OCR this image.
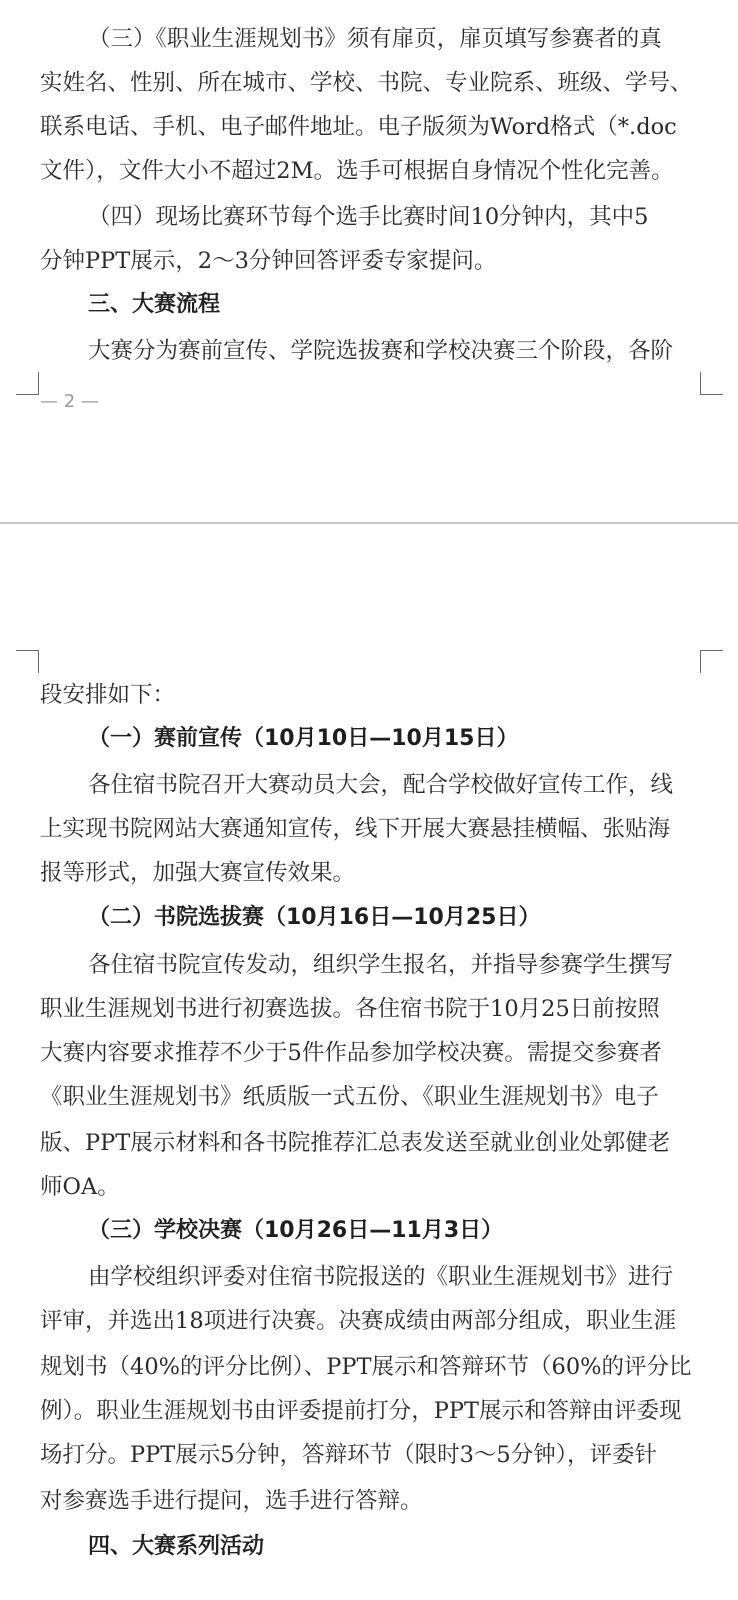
（三）《职业生涯规划书》须有扉页，扉页填写参赛者的真
实姓名、性别、所在城市、学校、书院、专业院系、班级、学号、
联系电话、手机、电子邮件地址。电子版须为Word格式（*.doc
文件），文件大小不超过2M。选手可根据自身情况个性化完善。
（四）现场比赛环节每个选手比赛时间10分钟内，其中5
分钟PPT展示，2～3分钟回答评委专家提问。
三、大赛流程
大赛分为赛前宣传、学院选拔赛和学校决赛三个阶段，各阶
— 2 —
段安排如下：
（一）赛前宣传（10月10日—10月15日）
各住宿书院召开大赛动员大会，配合学校做好宣传工作，线
上实现书院网站大赛通知宣传，线下开展大赛悬挂横幅、张贴海
报等形式，加强大赛宣传效果。
（二）书院选拔赛（10月16日—10月25日）
各住宿书院宣传发动，组织学生报名，并指导参赛学生撰写
职业生涯规划书进行初赛选拔。各住宿书院于10月25日前按照
大赛内容要求推荐不少于5件作品参加学校决赛。需提交参赛者
《职业生涯规划书》纸质版一式五份、《职业生涯规划书》电子
版、PPT展示材料和各书院推荐汇总表发送至就业创业处郭健老
师OA。
（三）学校决赛（10月26日—11月3日）
由学校组织评委对住宿书院报送的《职业生涯规划书》进行
评审，并选出18项进行决赛。决赛成绩由两部分组成，职业生涯
规划书（40%的评分比例）、PPT展示和答辩环节（60%的评分比
例）。职业生涯规划书由评委提前打分，PPT展示和答辩由评委现
场打分。PPT展示5分钟，答辩环节（限时3～5分钟），评委针
对参赛选手进行提问，选手进行答辩。
四、大赛系列活动
